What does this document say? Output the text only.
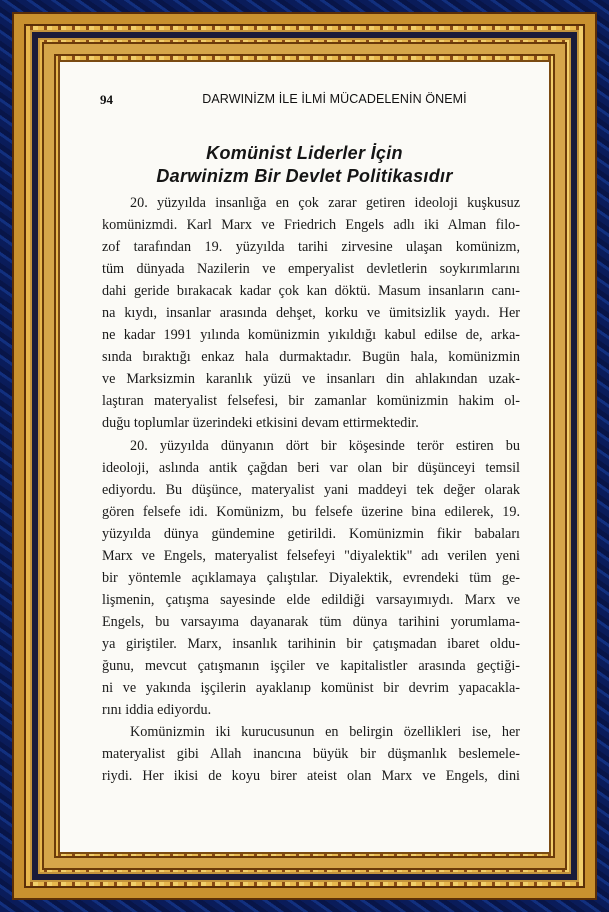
94	DARWINİZM İLE İLMİ MÜCADELENİN ÖNEMİ
Komünist Liderler İçin
Darwinizm Bir Devlet Politikasıdır
20. yüzyılda insanlığa en çok zarar getiren ideoloji kuşkusuz
komünizmdi. Karl Marx ve Friedrich Engels adlı iki Alman filo-
zof tarafından 19. yüzyılda tarihi zirvesine ulaşan komünizm,
tüm dünyada Nazilerin ve emperyalist devletlerin soykırımlarını
dahi geride bırakacak kadar çok kan döktü. Masum insanların canı-
na kıydı, insanlar arasında dehşet, korku ve ümitsizlik yaydı. Her
ne kadar 1991 yılında komünizmin yıkıldığı kabul edilse de, arka-
sında bıraktığı enkaz hala durmaktadır. Bugün hala, komünizmin
ve Marksizmin karanlık yüzü ve insanları din ahlakından uzak-
laştıran materyalist felsefesi, bir zamanlar komünizmin hakim ol-
duğu toplumlar üzerindeki etkisini devam ettirmektedir.
20. yüzyılda dünyanın dört bir köşesinde terör estiren bu
ideoloji, aslında antik çağdan beri var olan bir düşünceyi temsil
ediyordu. Bu düşünce, materyalist yani maddeyi tek değer olarak
gören felsefe idi. Komünizm, bu felsefe üzerine bina edilerek, 19.
yüzyılda dünya gündemine getirildi. Komünizmin fikir babaları
Marx ve Engels, materyalist felsefeyi "diyalektik" adı verilen yeni
bir yöntemle açıklamaya çalıştılar. Diyalektik, evrendeki tüm ge-
lişmenin, çatışma sayesinde elde edildiği varsayımıydı. Marx ve
Engels, bu varsayıma dayanarak tüm dünya tarihini yorumlama-
ya giriştiler. Marx, insanlık tarihinin bir çatışmadan ibaret oldu-
ğunu, mevcut çatışmanın işçiler ve kapitalistler arasında geçtiği-
ni ve yakında işçilerin ayaklanıp komünist bir devrim yapacakla-
rını iddia ediyordu.
Komünizmin iki kurucusunun en belirgin özellikleri ise, her
materyalist gibi Allah inancına büyük bir düşmanlık beslemele-
riydi. Her ikisi de koyu birer ateist olan Marx ve Engels, dini
